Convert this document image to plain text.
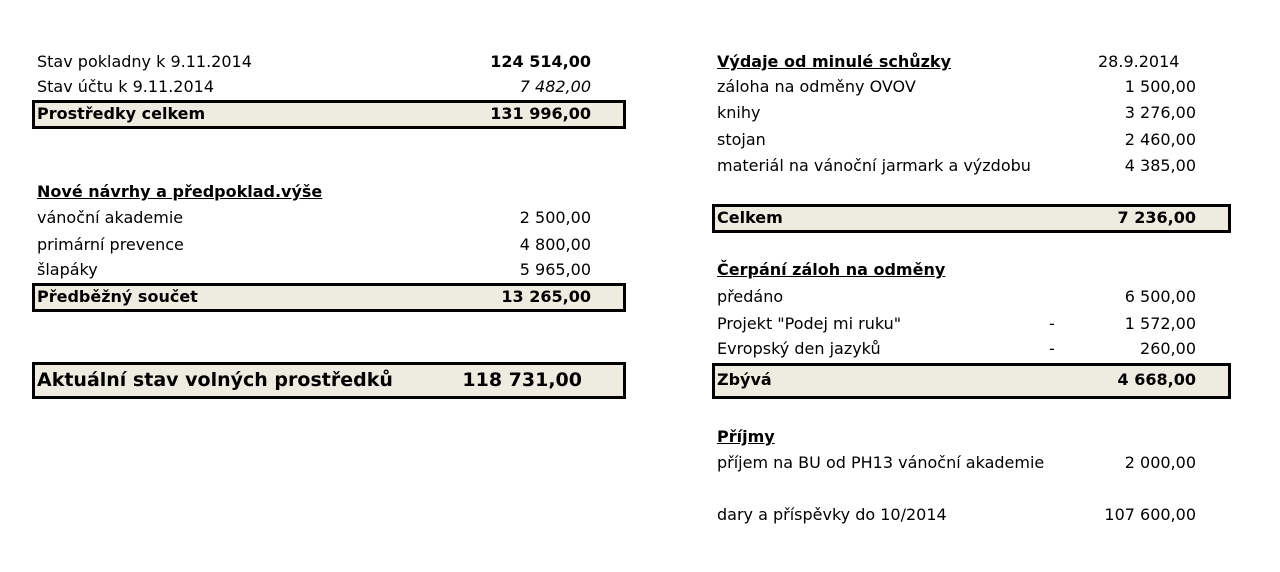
Stav pokladny k 9.11.2014	124 514,00
Stav účtu k 9.11.2014	7 482,00
Prostředky celkem	131 996,00
Nové návrhy a předpoklad.výše
vánoční akademie	2 500,00
primární prevence	4 800,00
šlapáky	5 965,00
Předběžný součet	13 265,00
Aktuální stav volných prostředků	118 731,00
Výdaje od minulé schůzky	28.9.2014
záloha na odměny OVOV	1 500,00
knihy	3 276,00
stojan	2 460,00
materiál na vánoční jarmark a výzdobu	4 385,00
Celkem	7 236,00
Čerpání záloh na odměny
předáno	6 500,00
Projekt "Podej mi ruku"	-	1 572,00
Evropský den jazyků	-	260,00
Zbývá	4 668,00
Příjmy
příjem na BU od PH13 vánoční akademie	2 000,00
dary a příspěvky do 10/2014	107 600,00
